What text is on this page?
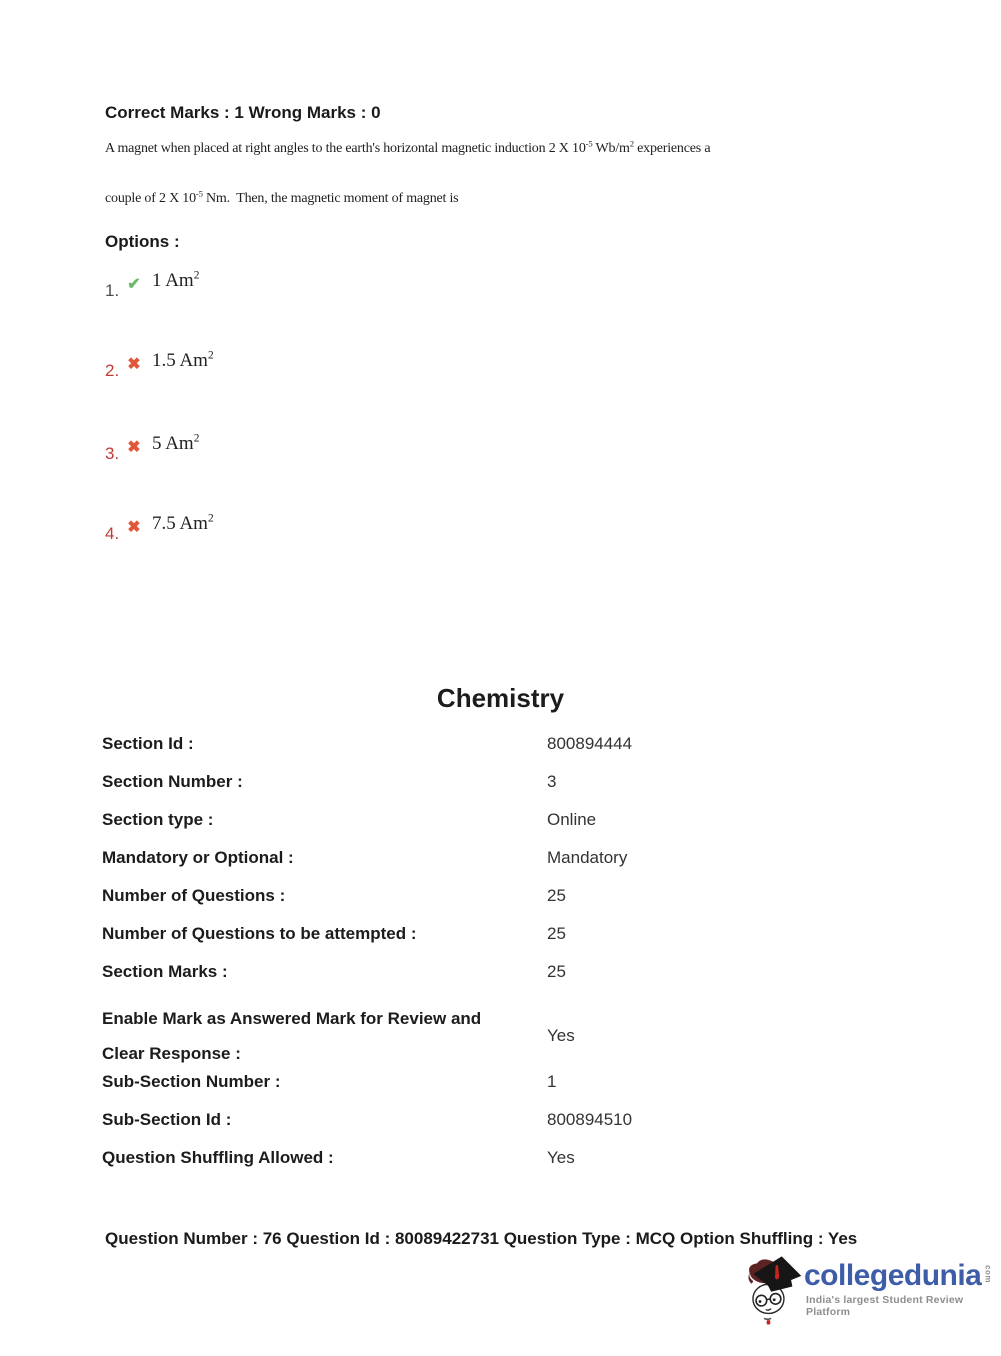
Correct Marks : 1 Wrong Marks : 0
A magnet when placed at right angles to the earth's horizontal magnetic induction 2 X $10^{-5}$ $Wb/m^2$ experiences a
couple of 2 X $10^{-5}$ Nm.  Then, the magnetic moment of magnet is
Options :
1. ✔ 1 Am$^2$
2. ✖ 1.5 Am$^2$
3. ✖ 5 Am$^2$
4. ✖ 7.5 Am$^2$
Chemistry
Section Id :	800894444
Section Number :	3
Section type :	Online
Mandatory or Optional :	Mandatory
Number of Questions :	25
Number of Questions to be attempted :	25
Section Marks :	25
Enable Mark as Answered Mark for Review and Clear Response :
Yes
Sub-Section Number :	1
Sub-Section Id :	800894510
Question Shuffling Allowed :	Yes
Question Number : 76 Question Id : 80089422731 Question Type : MCQ Option Shuffling : Yes
collegedunia com
India's largest Student Review Platform
